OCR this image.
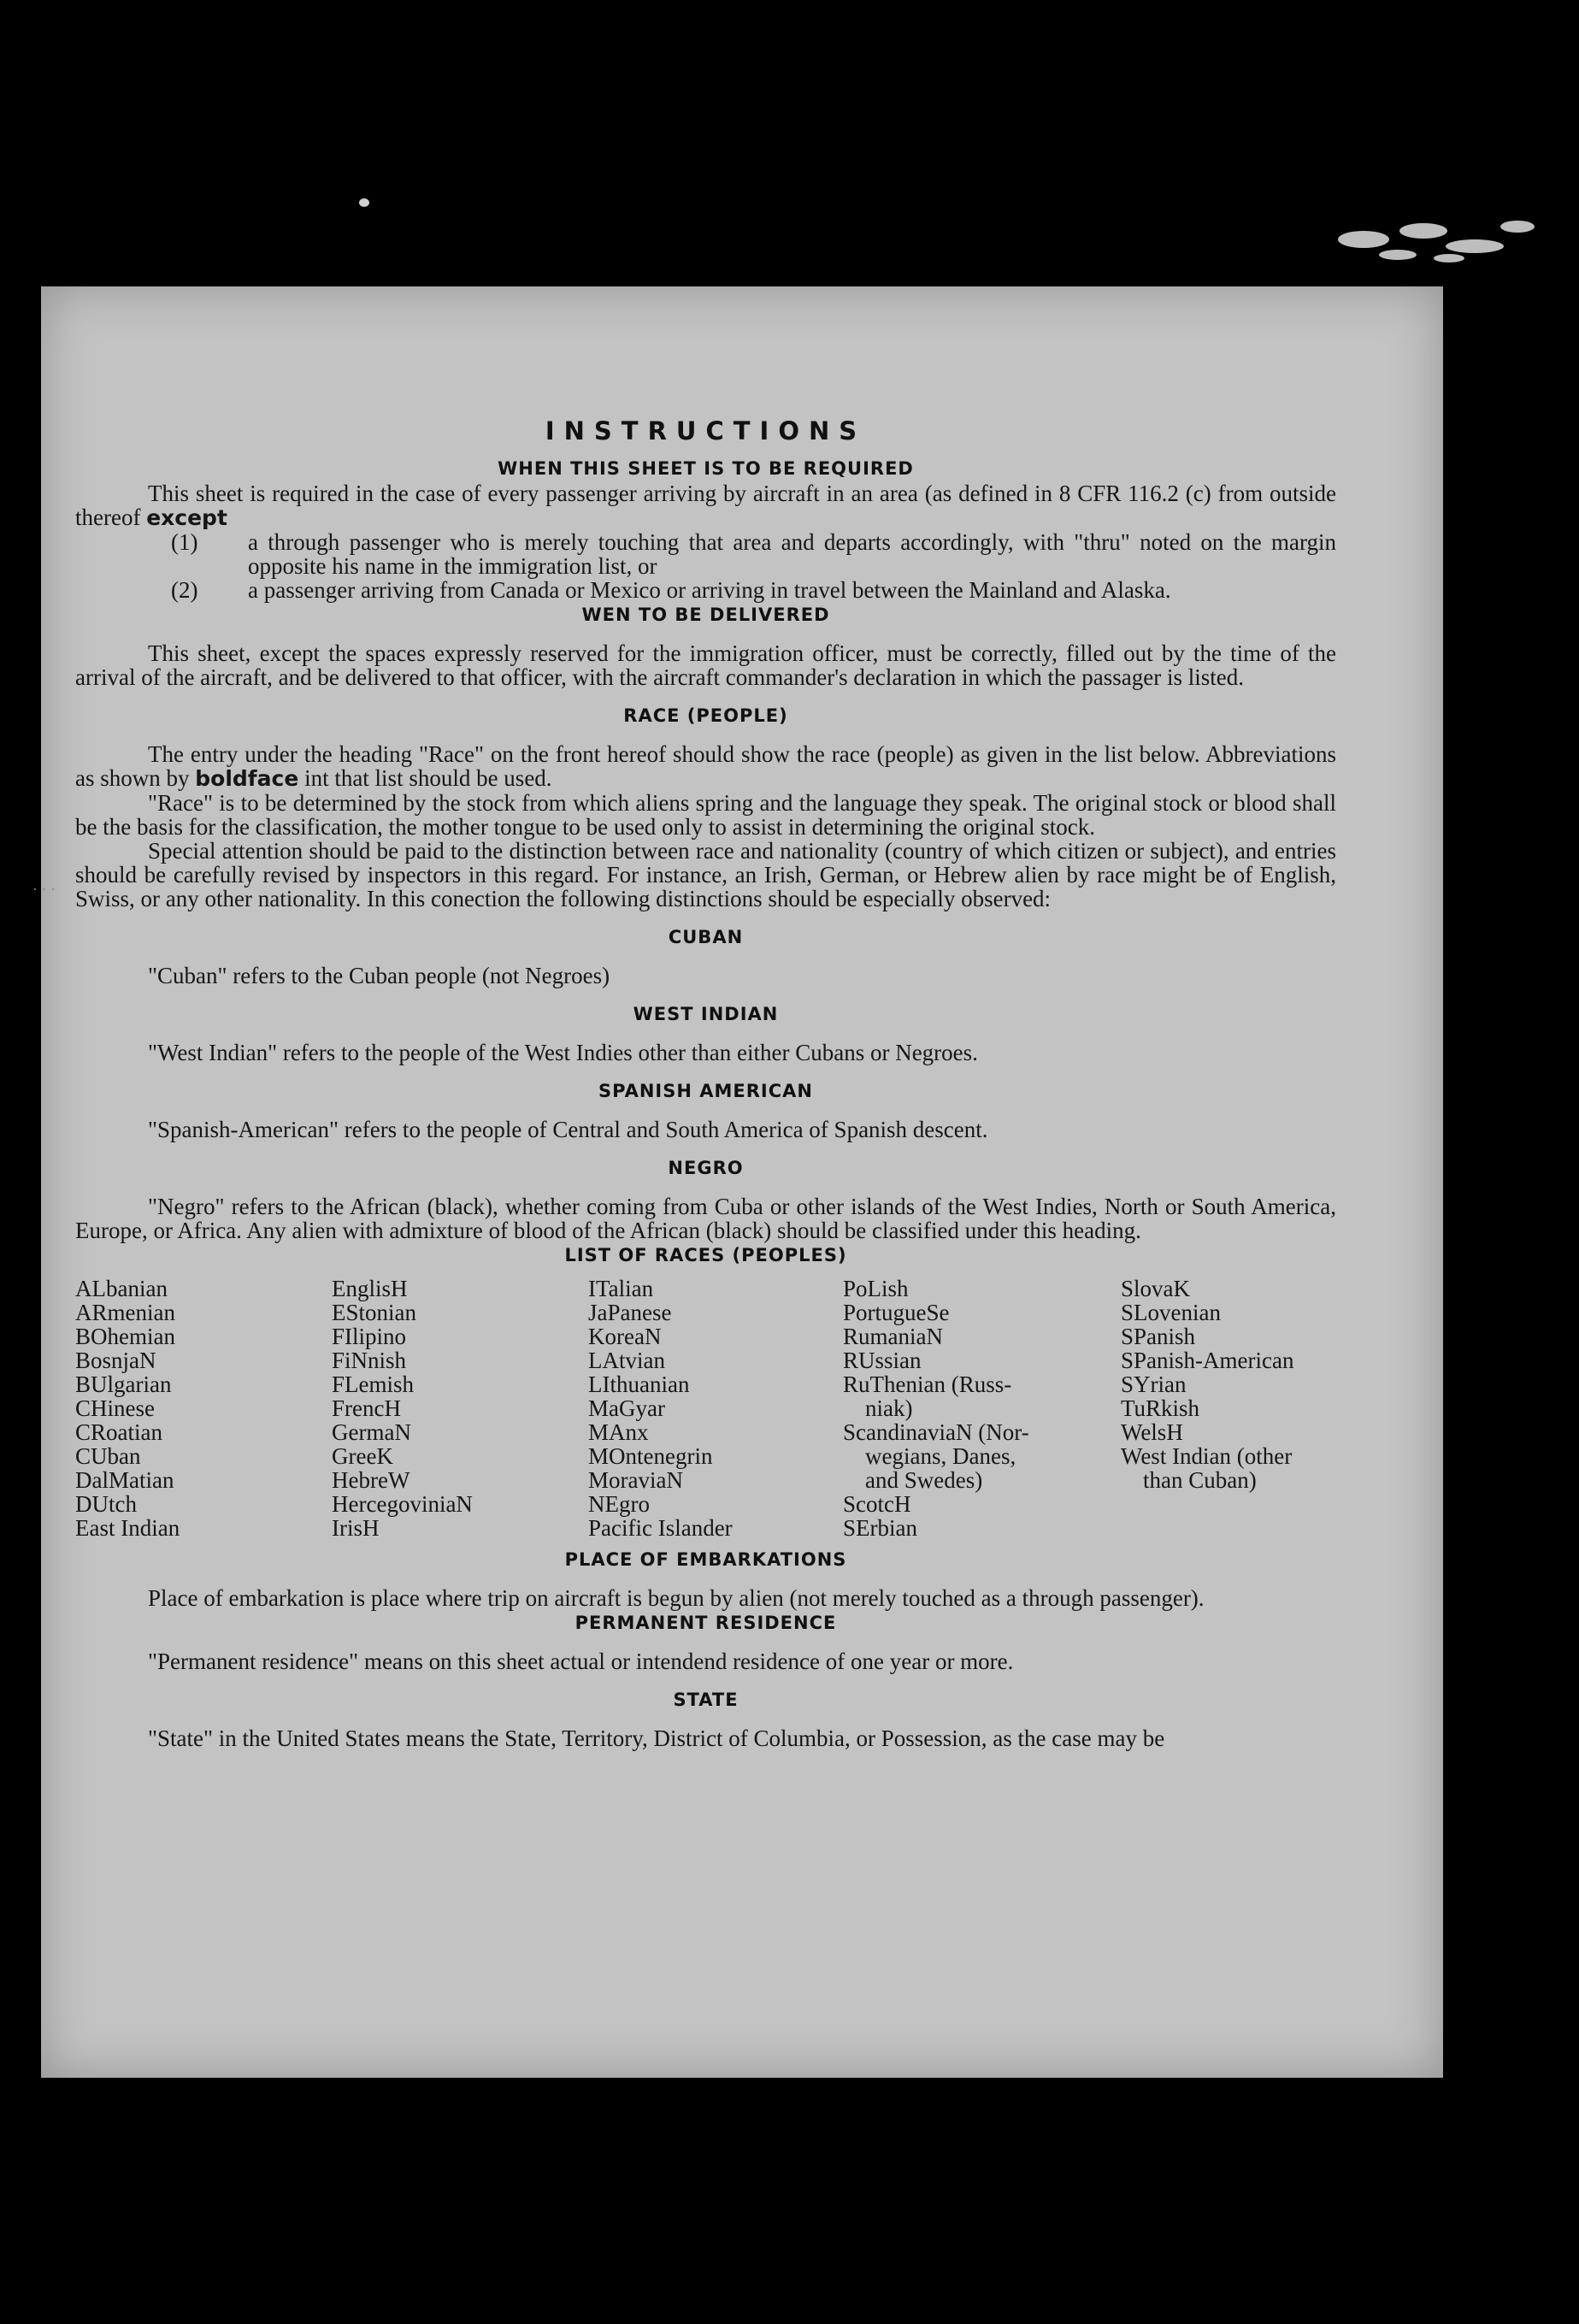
· · ·
INSTRUCTIONS
WHEN THIS SHEET IS TO BE REQUIRED

This sheet is required in the case of every passenger arriving by aircraft in an area (as defined in 8 CFR 116.2 (c) from outside thereof except

(1) a through passenger who is merely touching that area and departs accordingly, with "thru" noted on the margin opposite his name in the immigration list, or
(2) a passenger arriving from Canada or Mexico or arriving in travel between the Mainland and Alaska.
WEN TO BE DELIVERED

This sheet, except the spaces expressly reserved for the immigration officer, must be correctly, filled out by the time of the arrival of the aircraft, and be delivered to that officer, with the aircraft commander's declaration in which the passager is listed.

RACE (PEOPLE)

The entry under the heading "Race" on the front hereof should show the race (people) as given in the list below. Abbreviations as shown by boldface int that list should be used.

"Race" is to be determined by the stock from which aliens spring and the language they speak. The original stock or blood shall be the basis for the classification, the mother tongue to be used only to assist in determining the original stock.

Special attention should be paid to the distinction between race and nationality (country of which citizen or subject), and entries should be carefully revised by inspectors in this regard. For instance, an Irish, German, or Hebrew alien by race might be of English, Swiss, or any other nationality. In this conection the following distinctions should be especially observed:

CUBAN

"Cuban" refers to the Cuban people (not Negroes)

WEST INDIAN

"West Indian" refers to the people of the West Indies other than either Cubans or Negroes.

SPANISH AMERICAN

"Spanish-American" refers to the people of Central and South America of Spanish descent.

NEGRO

"Negro" refers to the African (black), whether coming from Cuba or other islands of the West Indies, North or South America, Europe, or Africa. Any alien with admixture of blood of the African (black) should be classified under this heading.

LIST OF RACES (PEOPLES)
ALbanian
ARmenian
BOhemian
BosnjaN
BUlgarian
CHinese
CRoatian
CUban
DalMatian
DUtch
East Indian
EnglisH
EStonian
FIlipino
FiNnish
FLemish
FrencH
GermaN
GreeK
HebreW
HercegoviniaN
IrisH
ITalian
JaPanese
KoreaN
LAtvian
LIthuanian
MaGyar
MAnx
MOntenegrin
MoraviaN
NEgro
Pacific Islander
PoLish
PortugueSe
RumaniaN
RUssian
RuThenian (Russ-
niak)
ScandinaviaN (Nor-
wegians, Danes,
and Swedes)
ScotcH
SErbian
SlovaK
SLovenian
SPanish
SPanish-American
SYrian
TuRkish
WelsH
West Indian (other
than Cuban)
PLACE OF EMBARKATIONS

Place of embarkation is place where trip on aircraft is begun by alien (not merely touched as a through passenger).

PERMANENT RESIDENCE

"Permanent residence" means on this sheet actual or intendend residence of one year or more.

STATE

"State" in the United States means the State, Territory, District of Columbia, or Possession, as the case may be
